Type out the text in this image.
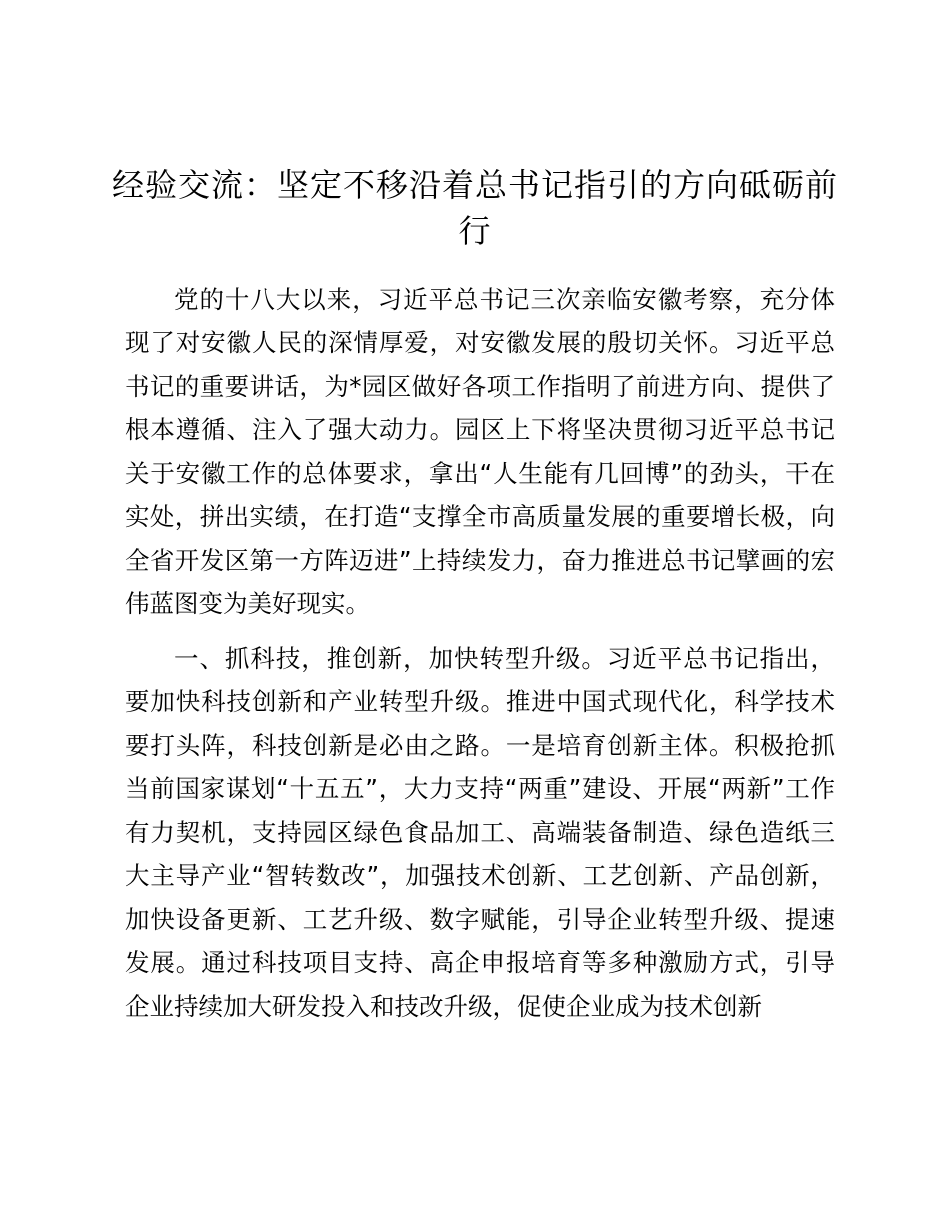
经验交流：坚定不移沿着总书记指引的方向砥砺前行

党的十八大以来，习近平总书记三次亲临安徽考察，充分体现了对安徽人民的深情厚爱，对安徽发展的殷切关怀。习近平总书记的重要讲话，为*园区做好各项工作指明了前进方向、提供了根本遵循、注入了强大动力。园区上下将坚决贯彻习近平总书记关于安徽工作的总体要求，拿出“人生能有几回博”的劲头，干在实处，拼出实绩，在打造“支撑全市高质量发展的重要增长极，向全省开发区第一方阵迈进”上持续发力，奋力推进总书记擘画的宏伟蓝图变为美好现实。

一、抓科技，推创新，加快转型升级。习近平总书记指出，要加快科技创新和产业转型升级。推进中国式现代化，科学技术要打头阵，科技创新是必由之路。一是培育创新主体。积极抢抓当前国家谋划“十五五”，大力支持“两重”建设、开展“两新”工作有力契机，支持园区绿色食品加工、高端装备制造、绿色造纸三大主导产业“智转数改”，加强技术创新、工艺创新、产品创新，加快设备更新、工艺升级、数字赋能，引导企业转型升级、提速发展。通过科技项目支持、高企申报培育等多种激励方式，引导企业持续加大研发投入和技改升级，促使企业成为技术创新
